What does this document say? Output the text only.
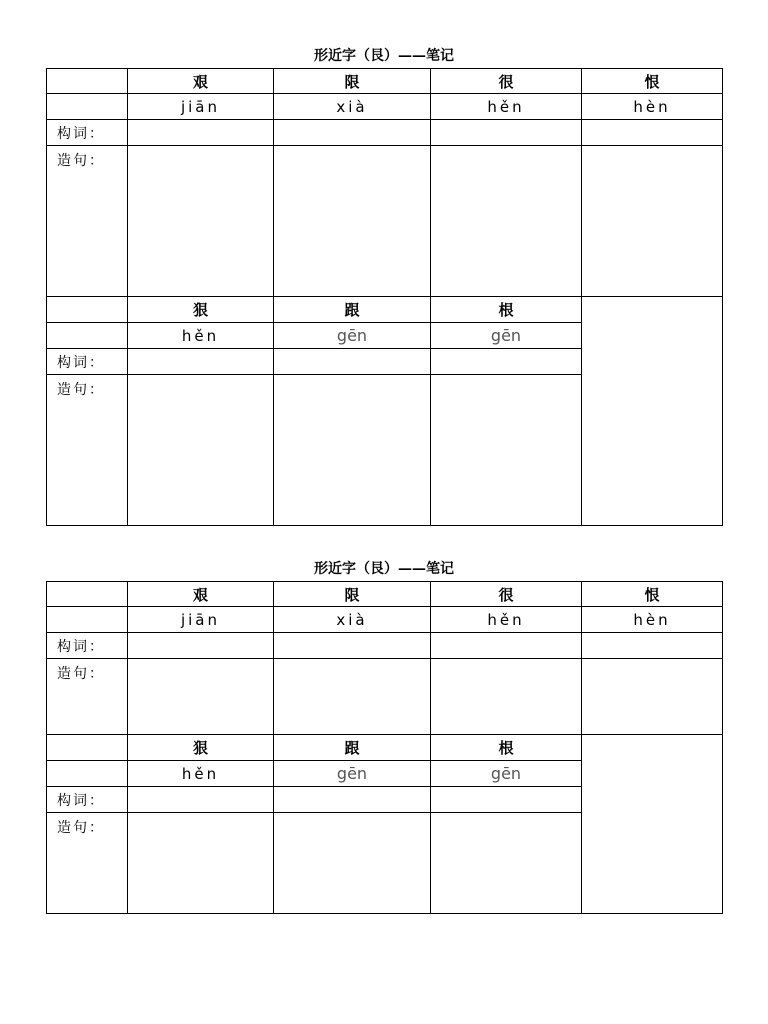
形近字（艮）——笔记
	艰	限	很	恨
	jiān	xià	hěn	hèn
构词：				
造句：				
	狠	跟	根	
	hěn	gēn	gēn	
构词：				
造句：				
形近字（艮）——笔记
	艰	限	很	恨
	jiān	xià	hěn	hèn
构词：				
造句：				
	狠	跟	根	
	hěn	gēn	gēn	
构词：				
造句：				
